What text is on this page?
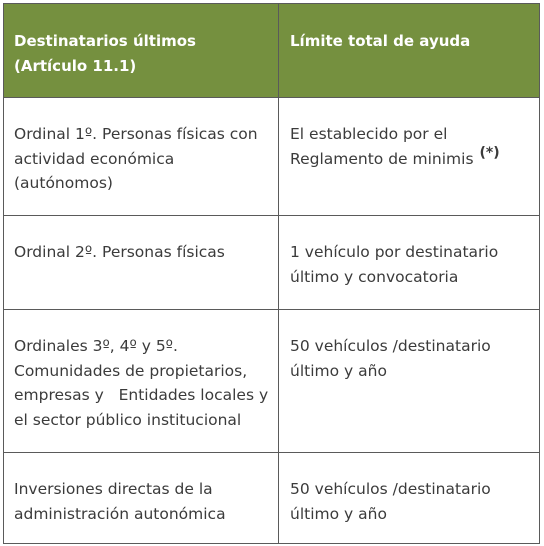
Destinatarios últimos (Artículo 11.1)
Límite total de ayuda
Ordinal 1º. Personas físicas con
actividad económica
(autónomos)
El establecido por el
Reglamento de minimis (*)
Ordinal 2º. Personas físicas	1 vehículo por destinatario
último y convocatoria
Ordinales 3º, 4º y 5º.
Comunidades de propietarios,
empresas y   Entidades locales y
el sector público institucional
50 vehículos /destinatario
último y año
Inversiones directas de la
administración autonómica
50 vehículos /destinatario
último y año
